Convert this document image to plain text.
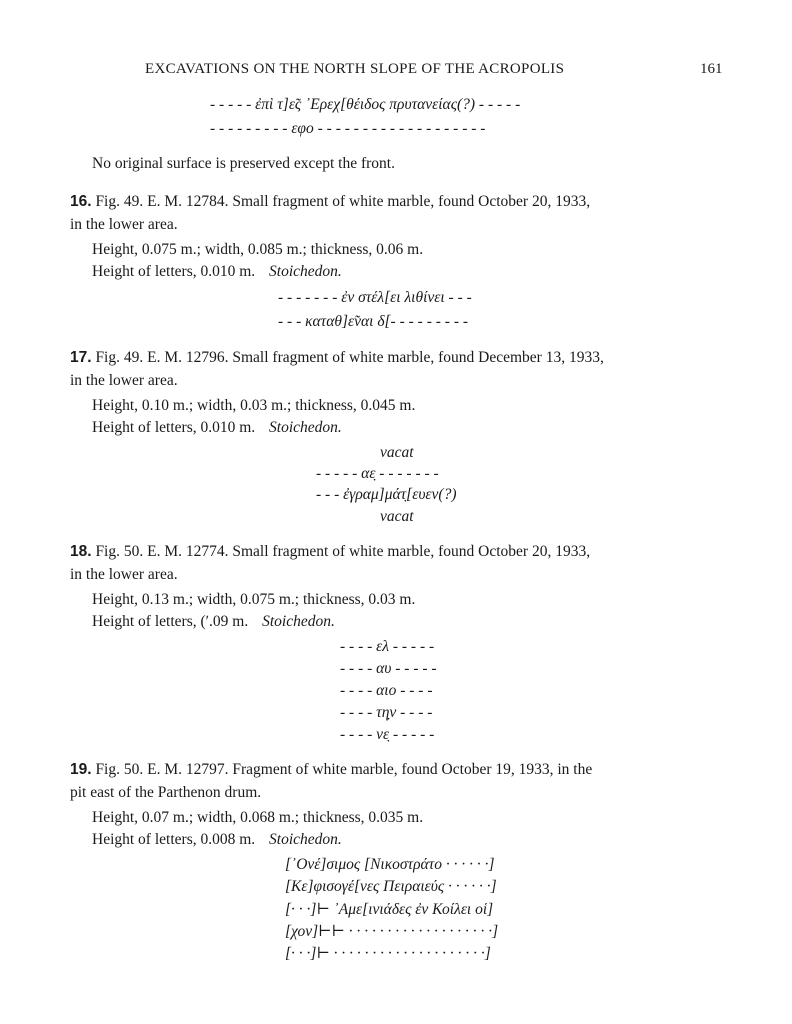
EXCAVATIONS ON THE NORTH SLOPE OF THE ACROPOLIS	161
- - - - - ἐπὶ τ]ε̃ς ᾿Ερεχ[θέιδος πρυτανείας(?) - - - - -
- - - - - - - - - εφο - - - - - - - - - - - - - - - - - - -
No original surface is preserved except the front.
16. Fig. 49. E. M. 12784. Small fragment of white marble, found October 20, 1933,
in the lower area.
Height, 0.075 m.; width, 0.085 m.; thickness, 0.06 m.
Height of letters, 0.010 m. Stoichedon.
- - - - - - - ἐν στέλ[ει λιθίνει - - -
- - - καταθ]ε̃ναι δ[- - - - - - - - -
17. Fig. 49. E. M. 12796. Small fragment of white marble, found December 13, 1933,
in the lower area.
Height, 0.10 m.; width, 0.03 m.; thickness, 0.045 m.
Height of letters, 0.010 m. Stoichedon.
vacat
- - - - - αε̣ - - - - - - -
- - - ἐγραμ]μάτ̣[ευεν(?)
vacat
18. Fig. 50. E. M. 12774. Small fragment of white marble, found October 20, 1933,
in the lower area.
Height, 0.13 m.; width, 0.075 m.; thickness, 0.03 m.
Height of letters, (ʹ.09 m. Stoichedon.
- - - - ελ - - - - -
- - - - αυ - - - - -
- - - - αιο - - - -
- - - - τη̣ν - - - -
- - - - νε̣ - - - - -
19. Fig. 50. E. M. 12797. Fragment of white marble, found October 19, 1933, in the
pit east of the Parthenon drum.
Height, 0.07 m.; width, 0.068 m.; thickness, 0.035 m.
Height of letters, 0.008 m. Stoichedon.
[᾿Ονέ]σιμος [Νικοστράτο · · · · · ·]
[Κε]φισογέ[νες Πειραιεύς · · · · · ·]
[· · ·]⊢ ᾿Αμε[ινιάδες ἐν Κοίλει οἱ]
[χον]⊢⊢ · · · · · · · · · · · · · · · · · · ·]
[· · ·]⊢ · · · · · · · · · · · · · · · · · · · ·]
